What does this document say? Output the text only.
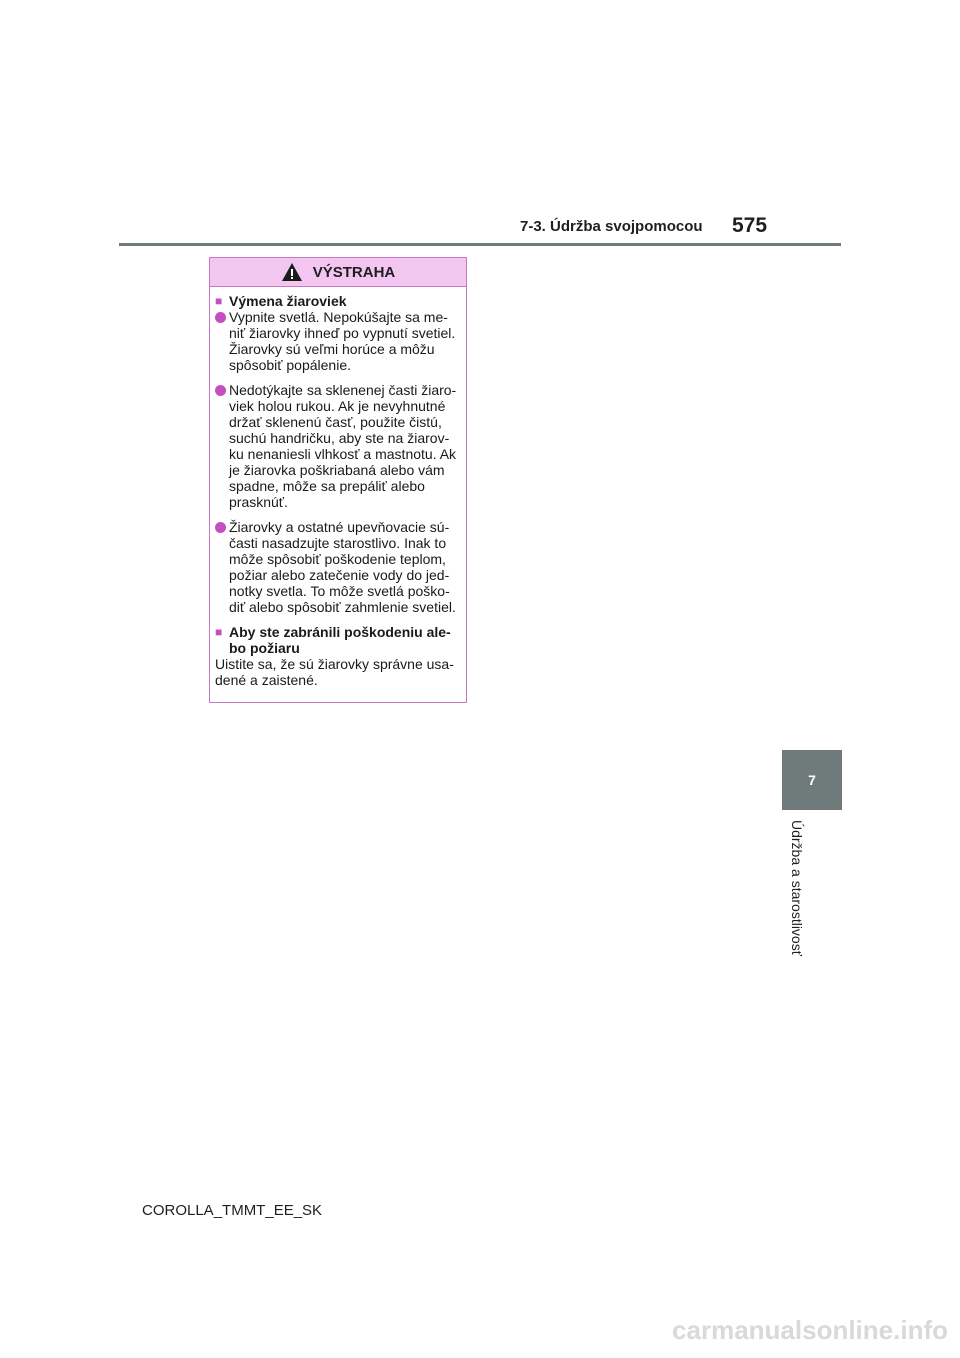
7-3. Údržba svojpomocou 575
VÝSTRAHA
■ Výmena žiaroviek
Vypnite svetlá. Nepokúšajte sa me-niť žiarovky ihneď po vypnutí svetiel. Žiarovky sú veľmi horúce a môžu spôsobiť popálenie.
Nedotýkajte sa sklenenej časti žiaro-viek holou rukou. Ak je nevyhnutné držať sklenenú časť, použite čistú, suchú handričku, aby ste na žiarov-ku nenaniesli vlhkosť a mastnotu. Ak je žiarovka poškriabaná alebo vám spadne, môže sa prepáliť alebo prasknúť.
Žiarovky a ostatné upevňovacie sú-časti nasadzujte starostlivo. Inak to môže spôsobiť poškodenie teplom, požiar alebo zatečenie vody do jed-notky svetla. To môže svetlá poško-diť alebo spôsobiť zahmlenie svetiel.
■ Aby ste zabránili poškodeniu ale-bo požiaru
Uistite sa, že sú žiarovky správne usa-dené a zaistené.
7
Údržba a starostlivosť
COROLLA_TMMT_EE_SK
carmanualsonline.info
